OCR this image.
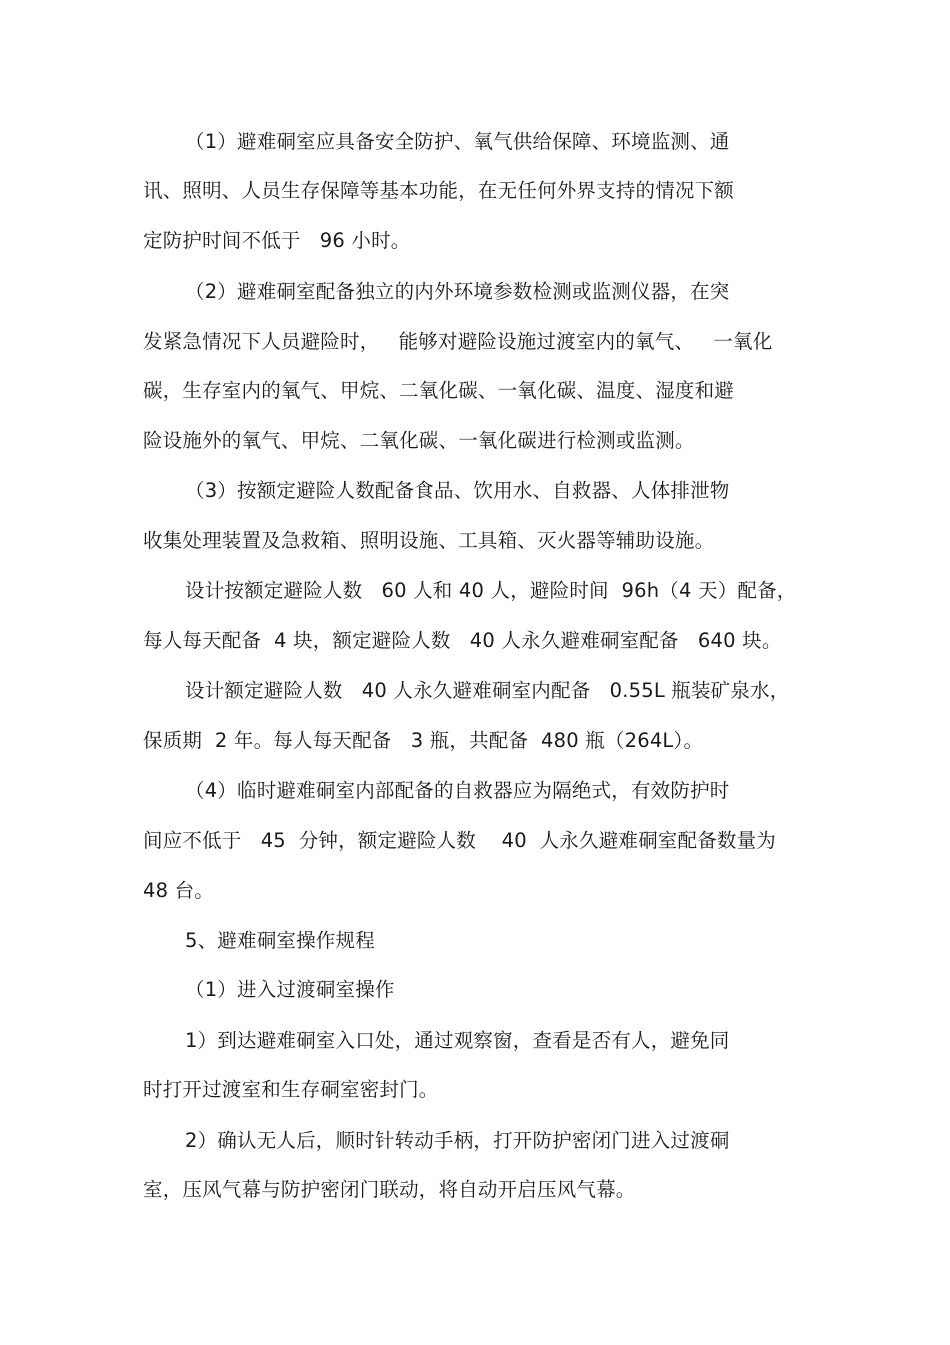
（1）避难硐室应具备安全防护、氧气供给保障、环境监测、通
讯、照明、人员生存保障等基本功能，在无任何外界支持的情况下额
定防护时间不低于   96 小时。
（2）避难硐室配备独立的内外环境参数检测或监测仪器，在突
发紧急情况下人员避险时，   能够对避险设施过渡室内的氧气、   一氧化
碳，生存室内的氧气、甲烷、二氧化碳、一氧化碳、温度、湿度和避
险设施外的氧气、甲烷、二氧化碳、一氧化碳进行检测或监测。
（3）按额定避险人数配备食品、饮用水、自救器、人体排泄物
收集处理装置及急救箱、照明设施、工具箱、灭火器等辅助设施。
设计按额定避险人数   60 人和 40 人，避险时间  96h（4 天）配备，
每人每天配备  4 块，额定避险人数   40 人永久避难硐室配备   640 块。
设计额定避险人数   40 人永久避难硐室内配备   0.55L 瓶装矿泉水，
保质期  2 年。每人每天配备   3 瓶，共配备  480 瓶（264L）。
（4）临时避难硐室内部配备的自救器应为隔绝式，有效防护时
间应不低于   45  分钟，额定避险人数    40  人永久避难硐室配备数量为
48 台。
5、避难硐室操作规程
（1）进入过渡硐室操作
1）到达避难硐室入口处，通过观察窗，查看是否有人，避免同
时打开过渡室和生存硐室密封门。
2）确认无人后，顺时针转动手柄，打开防护密闭门进入过渡硐
室，压风气幕与防护密闭门联动，将自动开启压风气幕。
